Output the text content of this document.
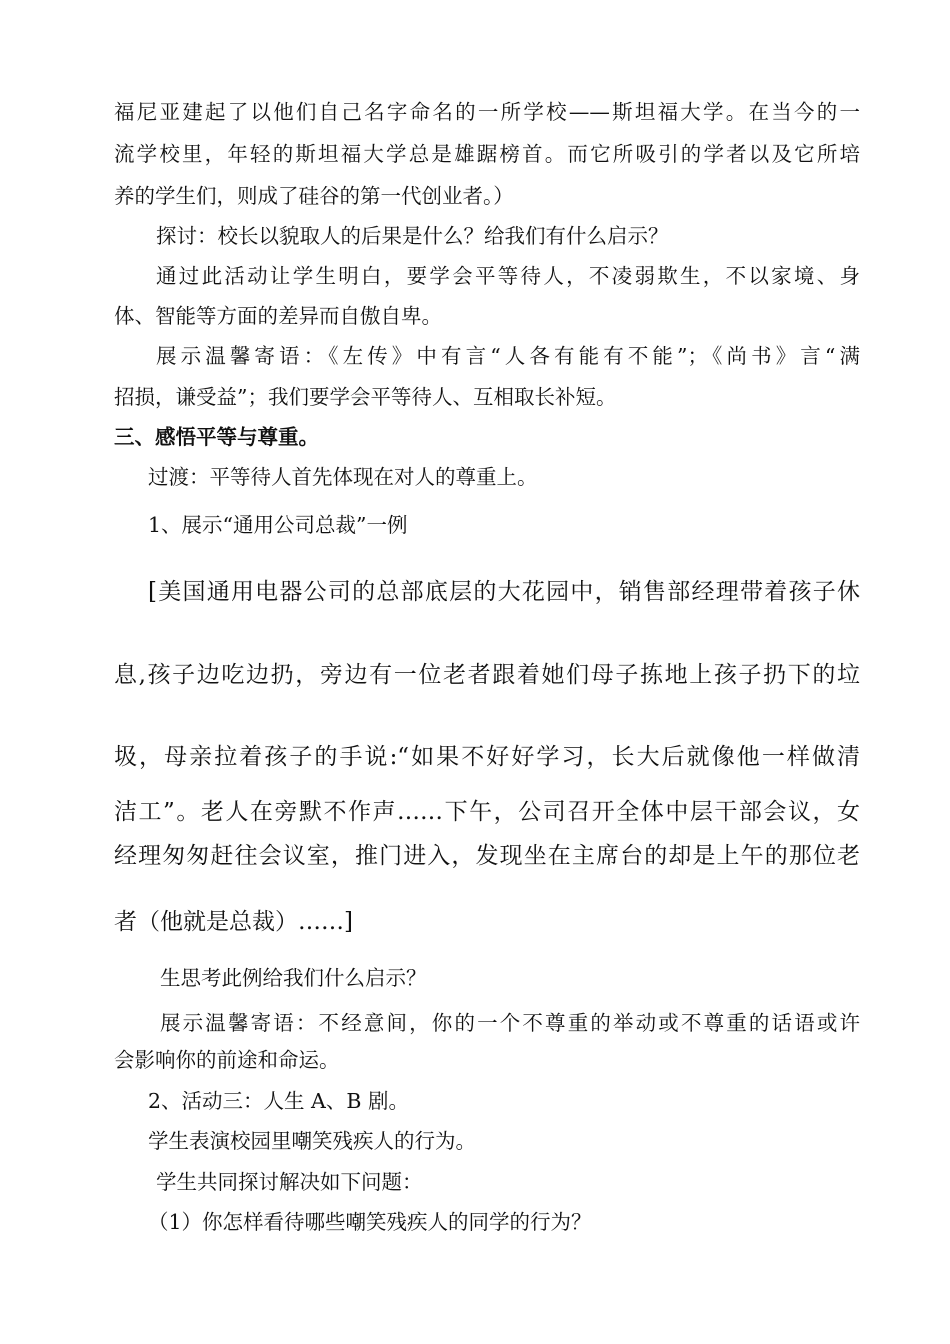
福尼亚建起了以他们自己名字命名的一所学校——斯坦福大学。在当今的一
流学校里，年轻的斯坦福大学总是雄踞榜首。而它所吸引的学者以及它所培
养的学生们，则成了硅谷的第一代创业者。）
探讨：校长以貌取人的后果是什么？给我们有什么启示？
通过此活动让学生明白，要学会平等待人，不凌弱欺生，不以家境、身
体、智能等方面的差异而自傲自卑。
展示温馨寄语：《左传》中有言“人各有能有不能”；《尚书》言“满
招损，谦受益”；我们要学会平等待人、互相取长补短。
三、感悟平等与尊重。
过渡：平等待人首先体现在对人的尊重上。
1、展示“通用公司总裁”一例
[美国通用电器公司的总部底层的大花园中，销售部经理带着孩子休
息,孩子边吃边扔，旁边有一位老者跟着她们母子拣地上孩子扔下的垃
圾，母亲拉着孩子的手说:“如果不好好学习，长大后就像他一样做清
洁工”。老人在旁默不作声……下午，公司召开全体中层干部会议，女
经理匆匆赶往会议室，推门进入，发现坐在主席台的却是上午的那位老
者（他就是总裁）……]
生思考此例给我们什么启示？
展示温馨寄语：不经意间，你的一个不尊重的举动或不尊重的话语或许
会影响你的前途和命运。
2、活动三：人生 A、B 剧。
学生表演校园里嘲笑残疾人的行为。
学生共同探讨解决如下问题：
（1）你怎样看待哪些嘲笑残疾人的同学的行为？
